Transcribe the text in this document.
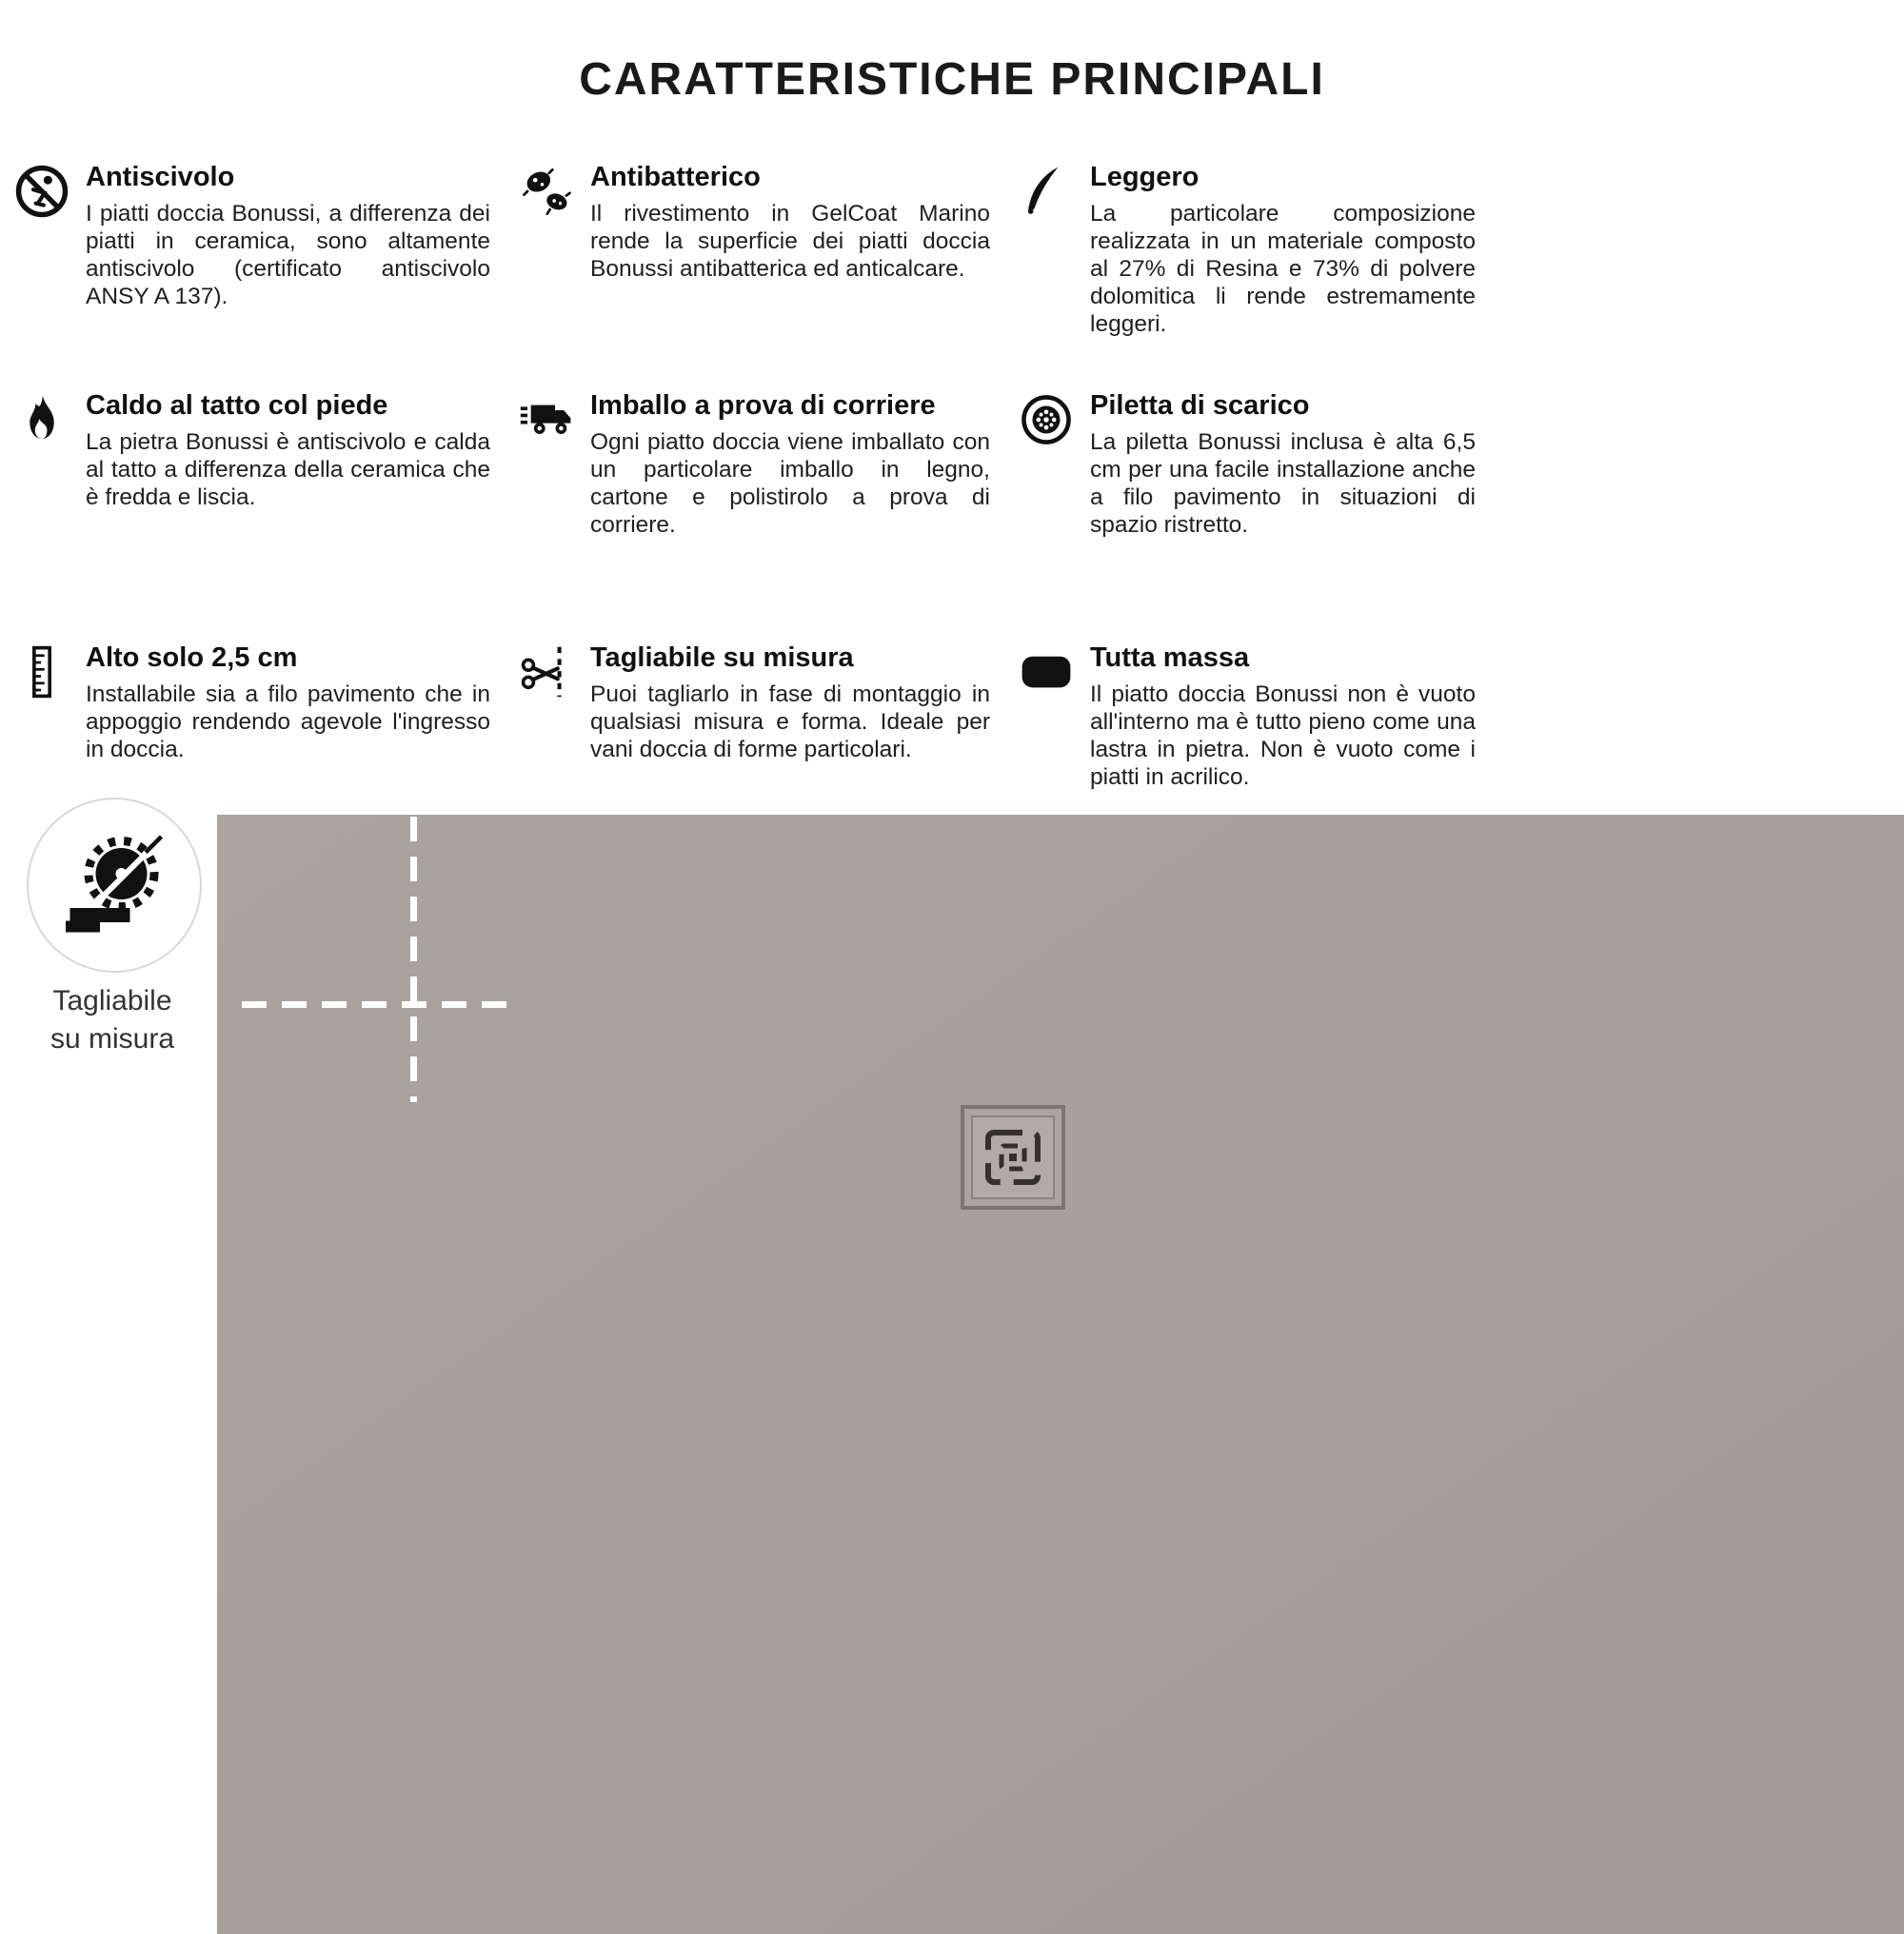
CARATTERISTICHE PRINCIPALI
Antiscivolo
I piatti doccia Bonussi, a differenza dei piatti in ceramica, sono altamente antiscivolo (certificato antiscivolo ANSY A 137).
Antibatterico
Il rivestimento in GelCoat Marino rende la superficie dei piatti doccia Bonussi antibatterica ed anticalcare.
Leggero
La particolare composizione realizzata in un materiale composto al 27% di Resina e 73% di polvere dolomitica li rende estremamente leggeri.
Caldo al tatto col piede
La pietra Bonussi è antiscivolo e calda al tatto a differenza della ceramica che è fredda e liscia.
Imballo a prova di corriere
Ogni piatto doccia viene imballato con un particolare imballo in legno, cartone e polistirolo a prova di corriere.
Piletta di scarico
La piletta Bonussi inclusa è alta 6,5 cm per una facile installazione anche a filo pavimento in situazioni di spazio ristretto.
Alto solo 2,5 cm
Installabile sia a filo pavimento che in appoggio rendendo agevole l'ingresso in doccia.
Tagliabile su misura
Puoi tagliarlo in fase di montaggio in qualsiasi misura e forma. Ideale per vani doccia di forme particolari.
Tutta massa
Il piatto doccia Bonussi non è vuoto all'interno ma è tutto pieno come una lastra in pietra. Non è vuoto come i piatti in acrilico.
Tagliabile
su misura
